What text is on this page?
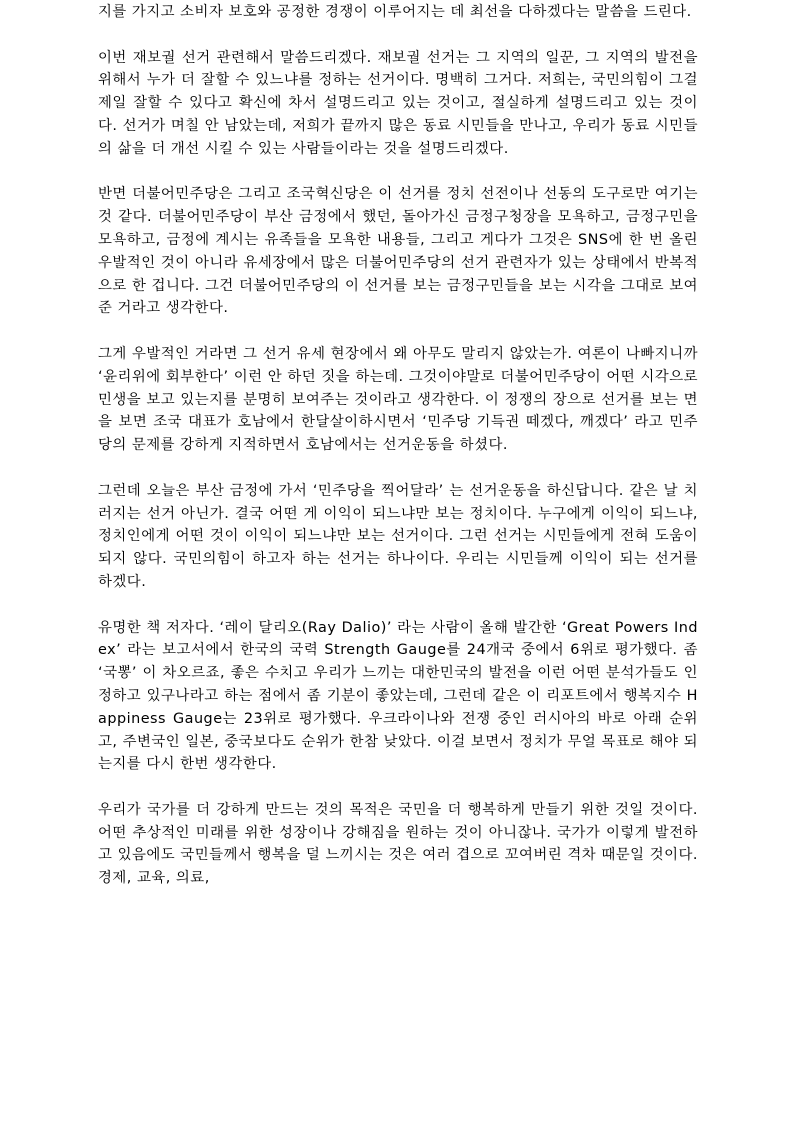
지를 가지고 소비자 보호와 공정한 경쟁이 이루어지는 데 최선을 다하겠다는 말씀을 드린다.

이번 재보궐 선거 관련해서 말씀드리겠다. 재보궐 선거는 그 지역의 일꾼, 그 지역의 발전을 위해서 누가 더 잘할 수 있느냐를 정하는 선거이다. 명백히 그거다. 저희는, 국민의힘이 그걸 제일 잘할 수 있다고 확신에 차서 설명드리고 있는 것이고, 절실하게 설명드리고 있는 것이다. 선거가 며칠 안 남았는데, 저희가 끝까지 많은 동료 시민들을 만나고, 우리가 동료 시민들의 삶을 더 개선 시킬 수 있는 사람들이라는 것을 설명드리겠다.

반면 더불어민주당은 그리고 조국혁신당은 이 선거를 정치 선전이나 선동의 도구로만 여기는 것 같다. 더불어민주당이 부산 금정에서 했던, 돌아가신 금정구청장을 모욕하고, 금정구민을 모욕하고, 금정에 계시는 유족들을 모욕한 내용들, 그리고 게다가 그것은 SNS에 한 번 올린 우발적인 것이 아니라 유세장에서 많은 더불어민주당의 선거 관련자가 있는 상태에서 반복적으로 한 겁니다. 그건 더불어민주당의 이 선거를 보는 금정구민들을 보는 시각을 그대로 보여준 거라고 생각한다.

그게 우발적인 거라면 그 선거 유세 현장에서 왜 아무도 말리지 않았는가. 여론이 나빠지니까 ‘윤리위에 회부한다’ 이런 안 하던 짓을 하는데. 그것이야말로 더불어민주당이 어떤 시각으로 민생을 보고 있는지를 분명히 보여주는 것이라고 생각한다. 이 정쟁의 장으로 선거를 보는 면을 보면 조국 대표가 호남에서 한달살이하시면서 ‘민주당 기득권 떼겠다, 깨겠다’ 라고 민주당의 문제를 강하게 지적하면서 호남에서는 선거운동을 하셨다.

그런데 오늘은 부산 금정에 가서 ‘민주당을 찍어달라’ 는 선거운동을 하신답니다. 같은 날 치러지는 선거 아닌가. 결국 어떤 게 이익이 되느냐만 보는 정치이다. 누구에게 이익이 되느냐, 정치인에게 어떤 것이 이익이 되느냐만 보는 선거이다. 그런 선거는 시민들에게 전혀 도움이 되지 않다. 국민의힘이 하고자 하는 선거는 하나이다. 우리는 시민들께 이익이 되는 선거를 하겠다.

유명한 책 저자다. ‘레이 달리오(Ray Dalio)’ 라는 사람이 올해 발간한 ‘Great Powers Index’ 라는 보고서에서 한국의 국력 Strength Gauge를 24개국 중에서 6위로 평가했다. 좀 ‘국뽕’ 이 차오르죠, 좋은 수치고 우리가 느끼는 대한민국의 발전을 이런 어떤 분석가들도 인정하고 있구나라고 하는 점에서 좀 기분이 좋았는데, 그런데 같은 이 리포트에서 행복지수 Happiness Gauge는 23위로 평가했다. 우크라이나와 전쟁 중인 러시아의 바로 아래 순위고, 주변국인 일본, 중국보다도 순위가 한참 낮았다. 이걸 보면서 정치가 무얼 목표로 해야 되는지를 다시 한번 생각한다.

우리가 국가를 더 강하게 만드는 것의 목적은 국민을 더 행복하게 만들기 위한 것일 것이다. 어떤 추상적인 미래를 위한 성장이나 강해짐을 원하는 것이 아니잖나. 국가가 이렇게 발전하고 있음에도 국민들께서 행복을 덜 느끼시는 것은 여러 겹으로 꼬여버린 격차 때문일 것이다. 경제, 교육, 의료,
